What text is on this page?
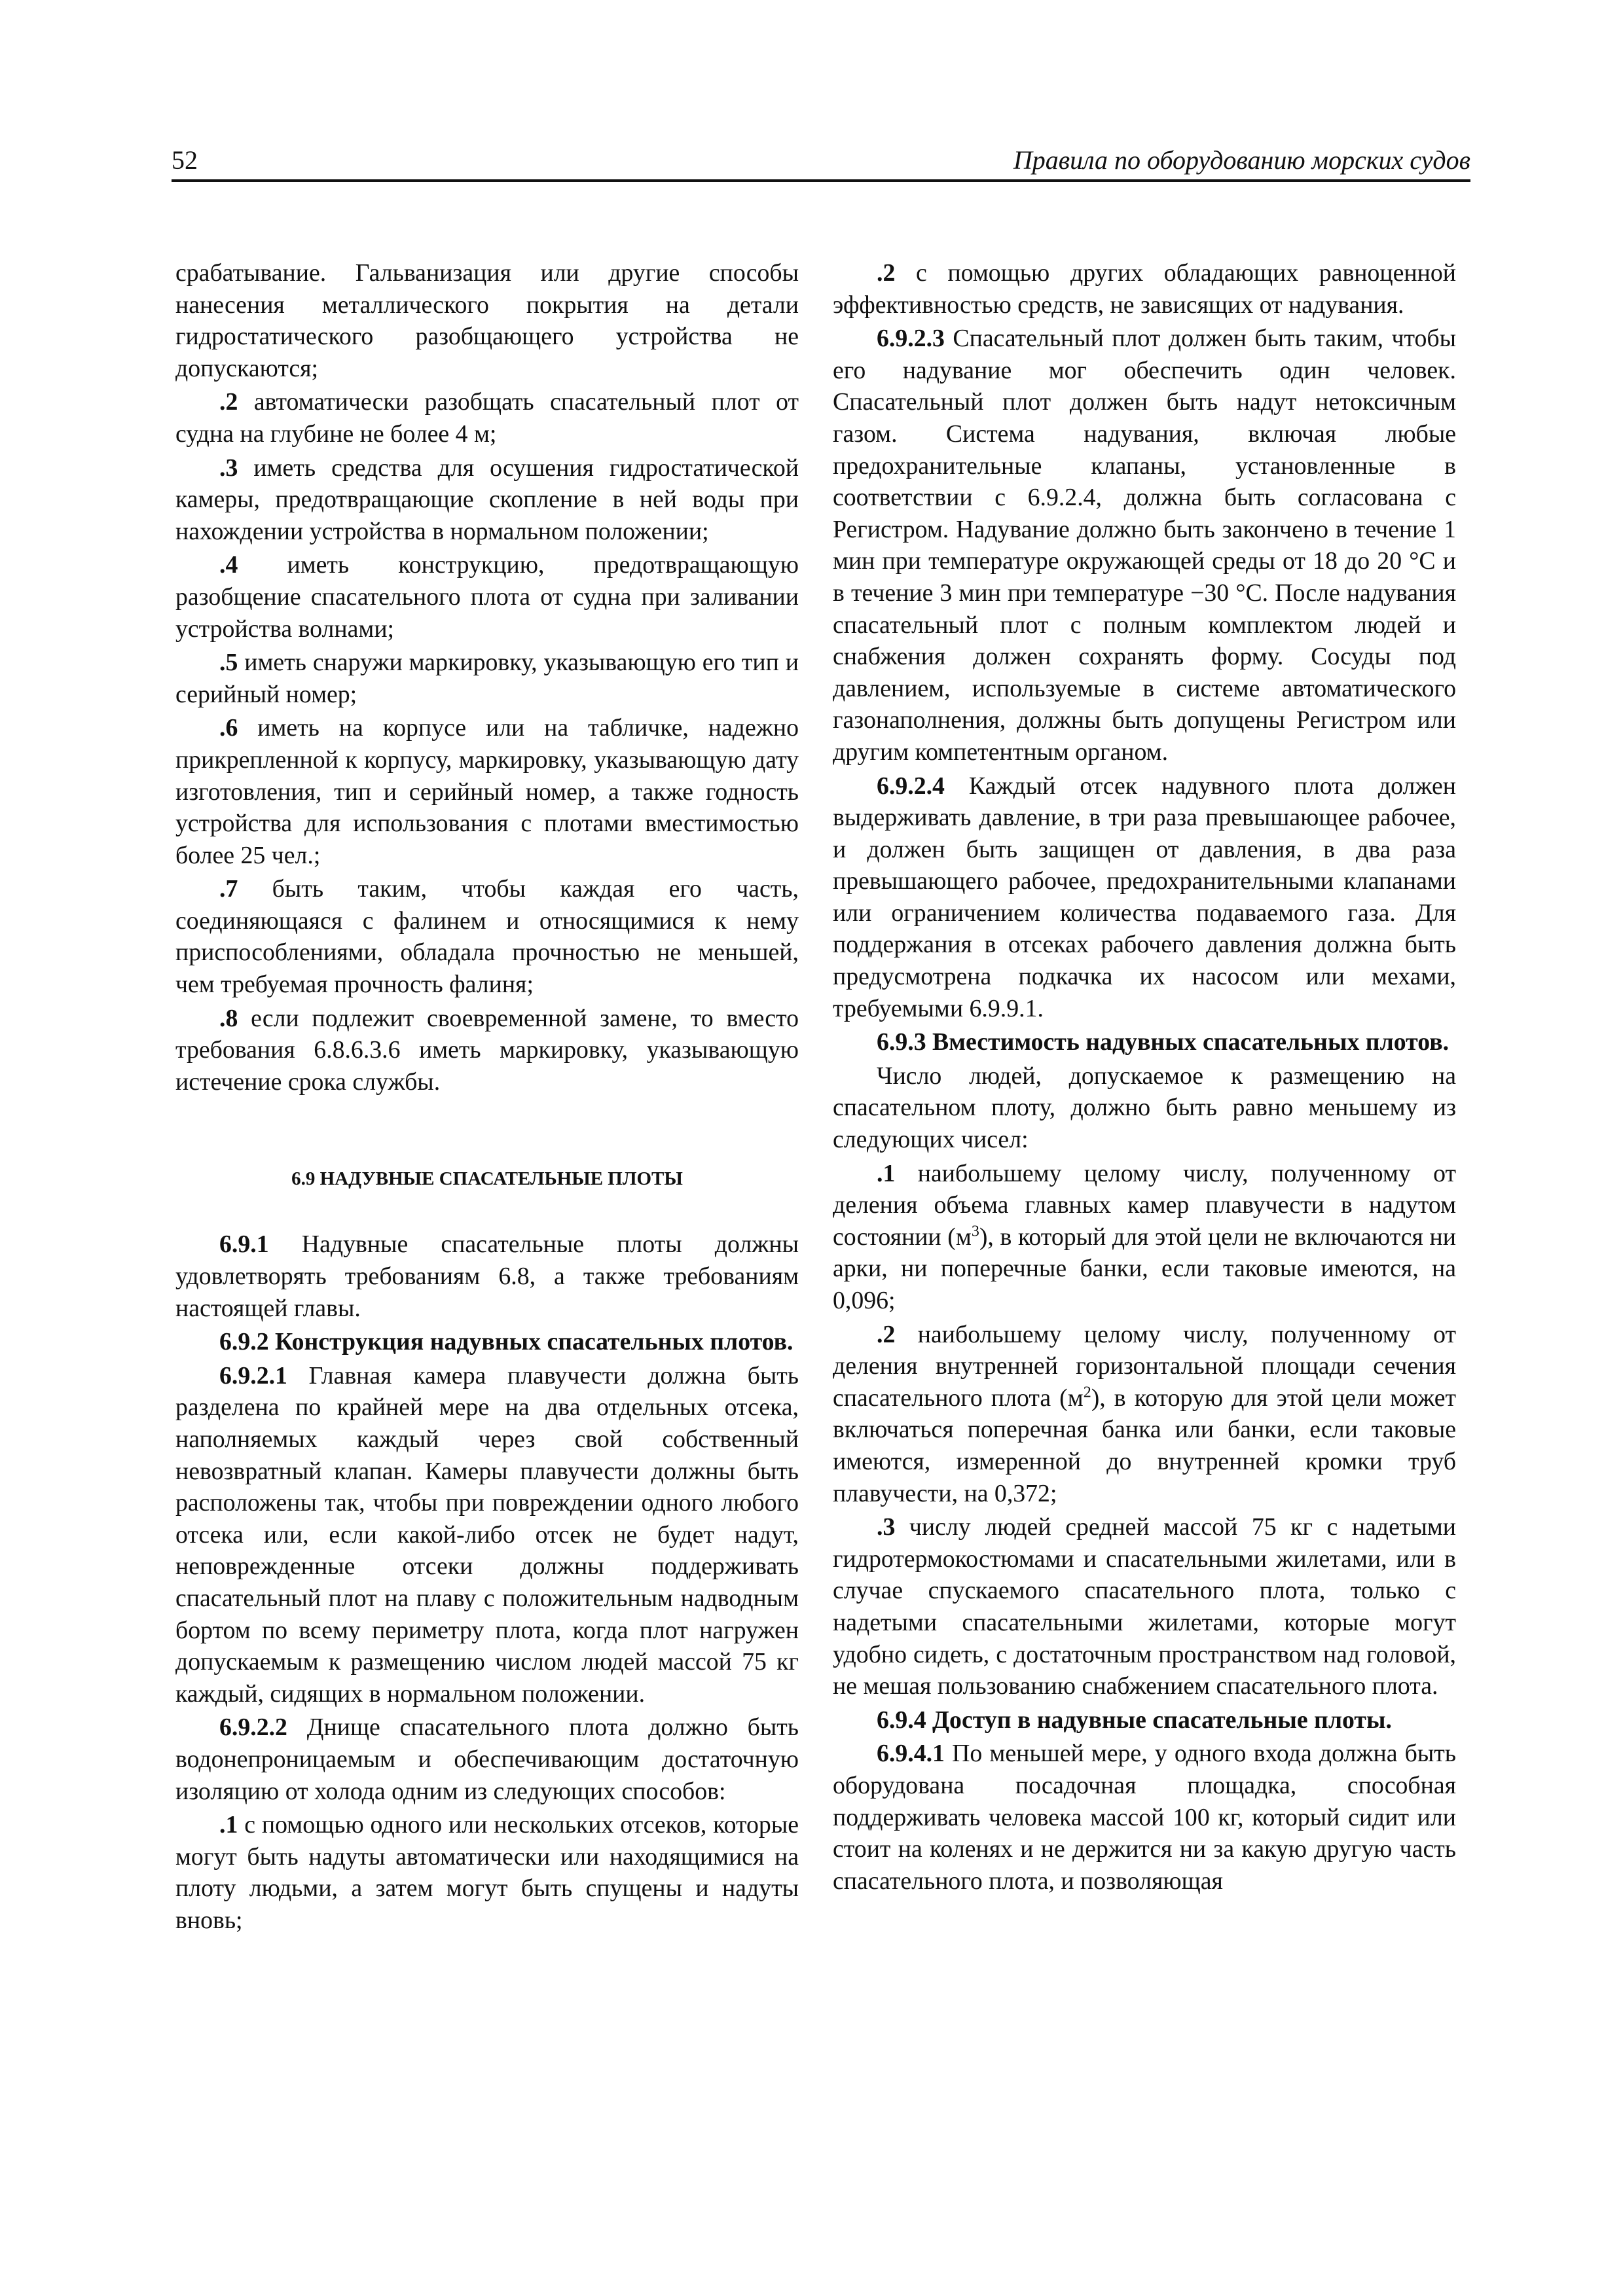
52	Правила по оборудованию морских судов

срабатывание. Гальванизация или другие способы нанесения металлического покрытия на детали гидростатического разобщающего устройства не допускаются;

.2 автоматически разобщать спасательный плот от судна на глубине не более 4 м;

.3 иметь средства для осушения гидростатической камеры, предотвращающие скопление в ней воды при нахождении устройства в нормальном положении;

.4 иметь конструкцию, предотвращающую разобщение спасательного плота от судна при заливании устройства волнами;

.5 иметь снаружи маркировку, указывающую его тип и серийный номер;

.6 иметь на корпусе или на табличке, надежно прикрепленной к корпусу, маркировку, указывающую дату изготовления, тип и серийный номер, а также годность устройства для использования с плотами вместимостью более 25 чел.;

.7 быть таким, чтобы каждая его часть, соединяющаяся с фалинем и относящимися к нему приспособлениями, обладала прочностью не меньшей, чем требуемая прочность фалиня;

.8 если подлежит своевременной замене, то вместо требования 6.8.6.3.6 иметь маркировку, указывающую истечение срока службы.

6.9 НАДУВНЫЕ СПАСАТЕЛЬНЫЕ ПЛОТЫ

6.9.1 Надувные спасательные плоты должны удовлетворять требованиям 6.8, а также требованиям настоящей главы.

6.9.2 Конструкция надувных спасательных плотов.

6.9.2.1 Главная камера плавучести должна быть разделена по крайней мере на два отдельных отсека, наполняемых каждый через свой собственный невозвратный клапан. Камеры плавучести должны быть расположены так, чтобы при повреждении одного любого отсека или, если какой-либо отсек не будет надут, неповрежденные отсеки должны поддерживать спасательный плот на плаву с положительным надводным бортом по всему периметру плота, когда плот нагружен допускаемым к размещению числом людей массой 75 кг каждый, сидящих в нормальном положении.

6.9.2.2 Днище спасательного плота должно быть водонепроницаемым и обеспечивающим достаточную изоляцию от холода одним из следующих способов:

.1 с помощью одного или нескольких отсеков, которые могут быть надуты автоматически или находящимися на плоту людьми, а затем могут быть спущены и надуты вновь;

.2 с помощью других обладающих равноценной эффективностью средств, не зависящих от надувания.

6.9.2.3 Спасательный плот должен быть таким, чтобы его надувание мог обеспечить один человек. Спасательный плот должен быть надут нетоксичным газом. Система надувания, включая любые предохранительные клапаны, установленные в соответствии с 6.9.2.4, должна быть согласована с Регистром. Надувание должно быть закончено в течение 1 мин при температуре окружающей среды от 18 до 20 °C и в течение 3 мин при температуре −30 °C. После надувания спасательный плот с полным комплектом людей и снабжения должен сохранять форму. Сосуды под давлением, используемые в системе автоматического газонаполнения, должны быть допущены Регистром или другим компетентным органом.

6.9.2.4 Каждый отсек надувного плота должен выдерживать давление, в три раза превышающее рабочее, и должен быть защищен от давления, в два раза превышающего рабочее, предохранительными клапанами или ограничением количества подаваемого газа. Для поддержания в отсеках рабочего давления должна быть предусмотрена подкачка их насосом или мехами, требуемыми 6.9.9.1.

6.9.3 Вместимость надувных спасательных плотов.

Число людей, допускаемое к размещению на спасательном плоту, должно быть равно меньшему из следующих чисел:

.1 наибольшему целому числу, полученному от деления объема главных камер плавучести в надутом состоянии $(м^3)$, в который для этой цели не включаются ни арки, ни поперечные банки, если таковые имеются, на 0,096;

.2 наибольшему целому числу, полученному от деления внутренней горизонтальной площади сечения спасательного плота $(м^2)$, в которую для этой цели может включаться поперечная банка или банки, если таковые имеются, измеренной до внутренней кромки труб плавучести, на 0,372;

.3 числу людей средней массой 75 кг с надетыми гидротермокостюмами и спасательными жилетами, или в случае спускаемого спасательного плота, только с надетыми спасательными жилетами, которые могут удобно сидеть, с достаточным пространством над головой, не мешая пользованию снабжением спасательного плота.

6.9.4 Доступ в надувные спасательные плоты.

6.9.4.1 По меньшей мере, у одного входа должна быть оборудована посадочная площадка, способная поддерживать человека массой 100 кг, который сидит или стоит на коленях и не держится ни за какую другую часть спасательного плота, и позволяющая
